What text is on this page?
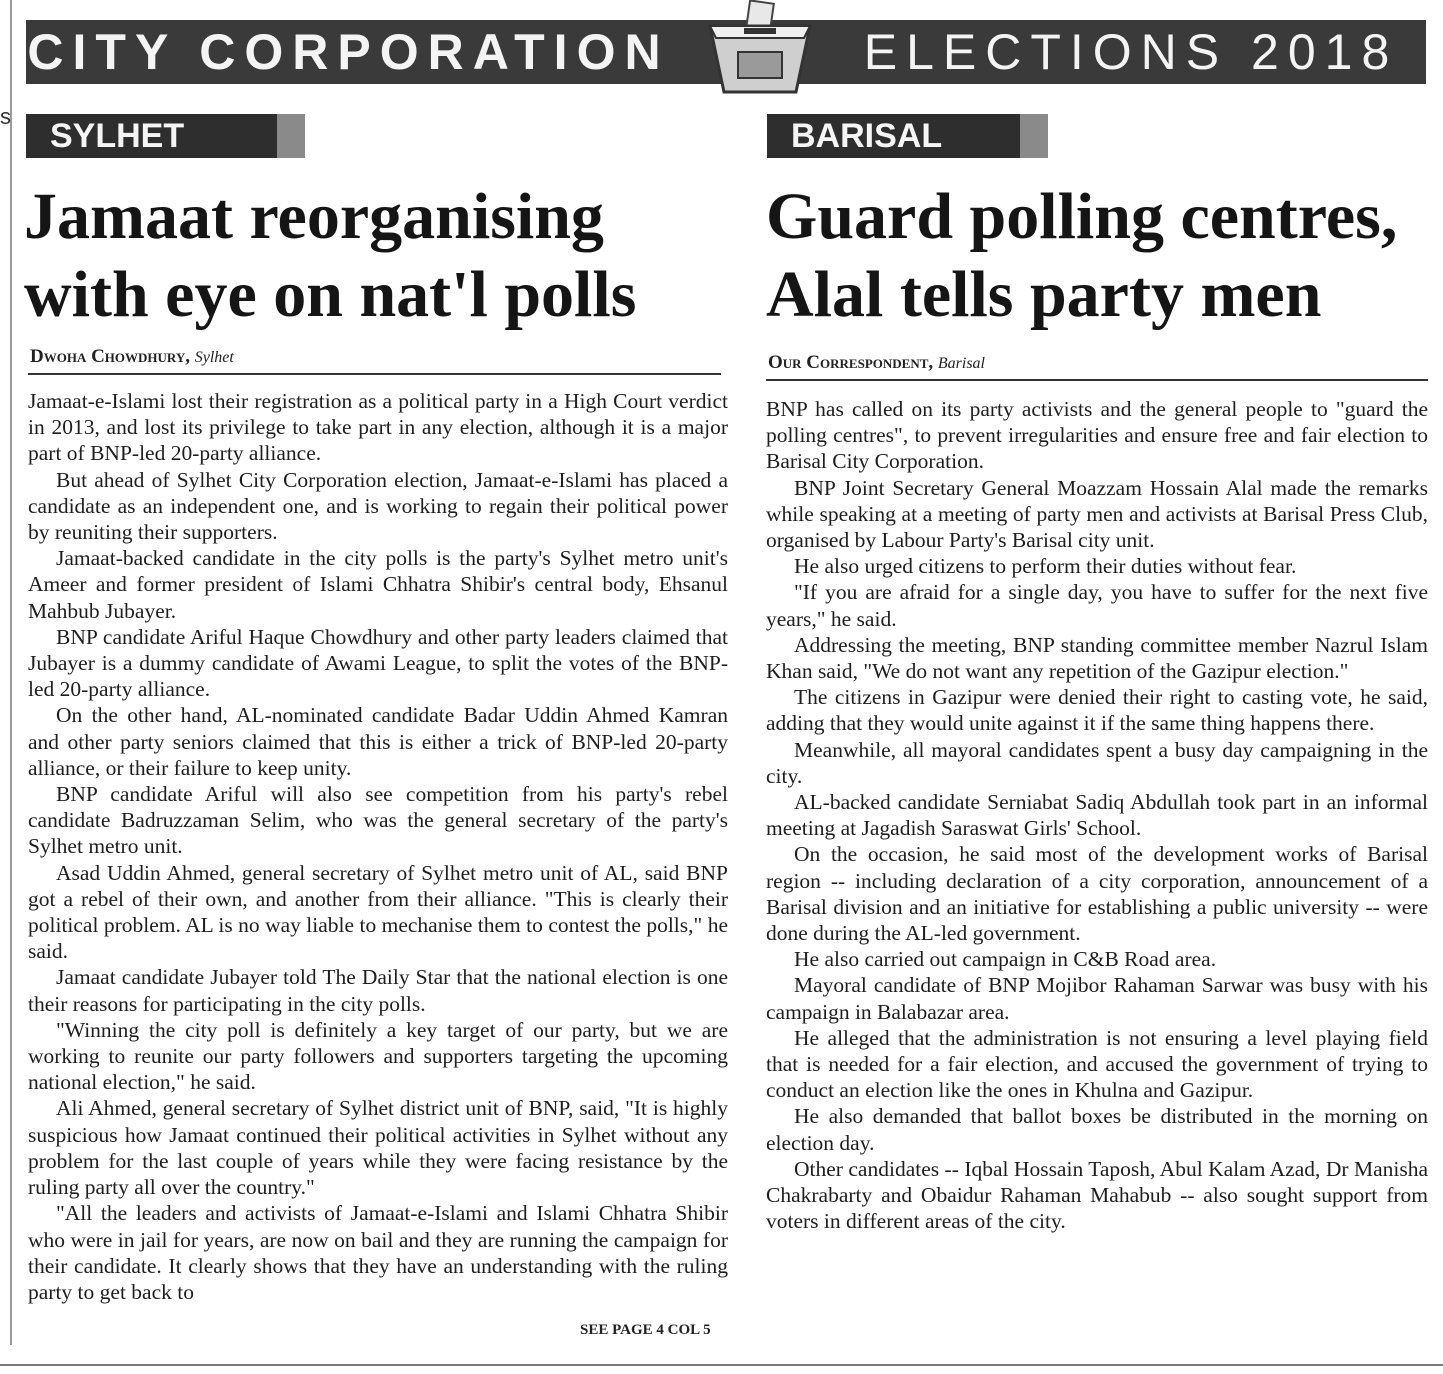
s
CITY CORPORATION	ELECTIONS 2018
SYLHET	BARISAL
Jamaat reorganising
with eye on nat'l polls
Guard polling centres,
Alal tells party men
Dwoha Chowdhury, Sylhet	Our Correspondent, Barisal

Jamaat-e-Islami lost their registration as a political party in a High Court verdict in 2013, and lost its privilege to take part in any election, although it is a major part of BNP-led 20-party alliance.

But ahead of Sylhet City Corporation election, Jamaat-e-Islami has placed a candidate as an independent one, and is working to regain their political power by reuniting their supporters.

Jamaat-backed candidate in the city polls is the party's Sylhet metro unit's Ameer and former president of Islami Chhatra Shibir's central body, Ehsanul Mahbub Jubayer.

BNP candidate Ariful Haque Chowdhury and other party leaders claimed that Jubayer is a dummy candidate of Awami League, to split the votes of the BNP-led 20-party alliance.

On the other hand, AL-nominated candidate Badar Uddin Ahmed Kamran and other party seniors claimed that this is either a trick of BNP-led 20-party alliance, or their failure to keep unity.

BNP candidate Ariful will also see competition from his party's rebel candidate Badruzzaman Selim, who was the general secretary of the party's Sylhet metro unit.

Asad Uddin Ahmed, general secretary of Sylhet metro unit of AL, said BNP got a rebel of their own, and another from their alliance. "This is clearly their political problem. AL is no way liable to mechanise them to contest the polls," he said.

Jamaat candidate Jubayer told The Daily Star that the national election is one their reasons for participating in the city polls.

"Winning the city poll is definitely a key target of our party, but we are working to reunite our party followers and supporters targeting the upcoming national election," he said.

Ali Ahmed, general secretary of Sylhet district unit of BNP, said, "It is highly suspicious how Jamaat continued their political activities in Sylhet without any problem for the last couple of years while they were facing resistance by the ruling party all over the country."

"All the leaders and activists of Jamaat-e-Islami and Islami Chhatra Shibir who were in jail for years, are now on bail and they are running the campaign for their candidate. It clearly shows that they have an understanding with the ruling party to get back to

SEE PAGE 4 COL 5

BNP has called on its party activists and the general people to "guard the polling centres", to prevent irregularities and ensure free and fair election to Barisal City Corporation.

BNP Joint Secretary General Moazzam Hossain Alal made the remarks while speaking at a meeting of party men and activists at Barisal Press Club, organised by Labour Party's Barisal city unit.

He also urged citizens to perform their duties without fear.

"If you are afraid for a single day, you have to suffer for the next five years," he said.

Addressing the meeting, BNP standing committee member Nazrul Islam Khan said, "We do not want any repetition of the Gazipur election."

The citizens in Gazipur were denied their right to casting vote, he said, adding that they would unite against it if the same thing happens there.

Meanwhile, all mayoral candidates spent a busy day campaigning in the city.

AL-backed candidate Serniabat Sadiq Abdullah took part in an informal meeting at Jagadish Saraswat Girls' School.

On the occasion, he said most of the development works of Barisal region -- including declaration of a city corporation, announcement of a Barisal division and an initiative for establishing a public university -- were done during the AL-led government.

He also carried out campaign in C&B Road area.

Mayoral candidate of BNP Mojibor Rahaman Sarwar was busy with his campaign in Balabazar area.

He alleged that the administration is not ensuring a level playing field that is needed for a fair election, and accused the government of trying to conduct an election like the ones in Khulna and Gazipur.

He also demanded that ballot boxes be distributed in the morning on election day.

Other candidates -- Iqbal Hossain Taposh, Abul Kalam Azad, Dr Manisha Chakrabarty and Obaidur Rahaman Mahabub -- also sought support from voters in different areas of the city.
